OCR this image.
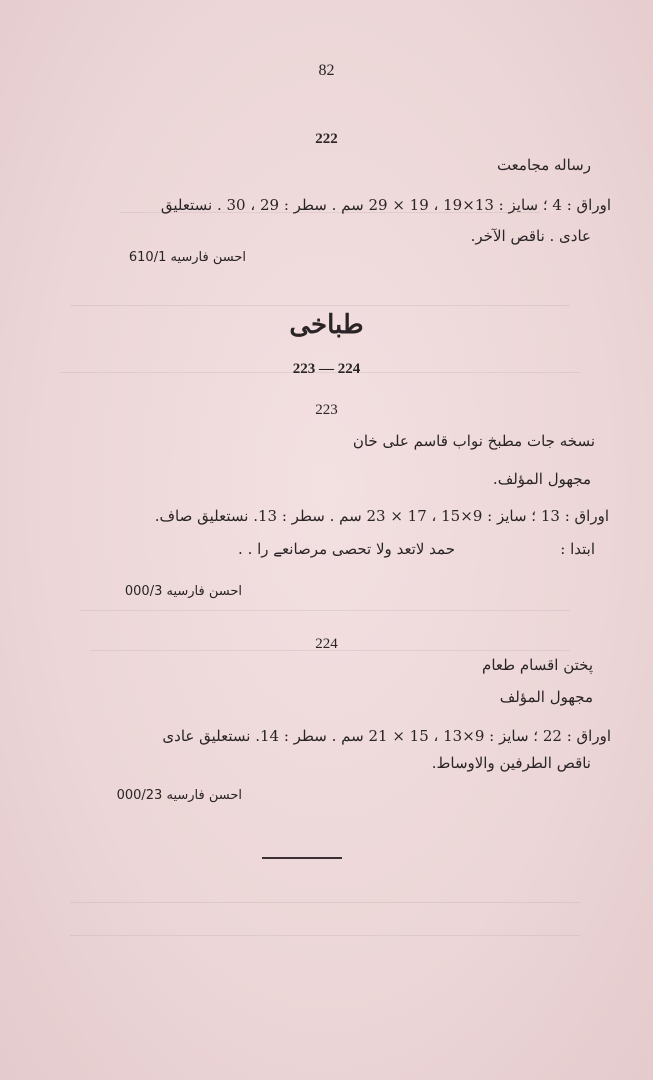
82
222
رساله مجامعت
اوراق : 4 ؛ سایز : 13×19 ، 19 × 29 سم . سطر : 29 ، 30 . نستعلیق
عادی . ناقص الآخر.
احسن فارسیه 610/1
طباخی
223 — 224
223
نسخه جات مطبخ نواب قاسم علی خان
مجهول المؤلف.
اوراق : 13 ؛ سایز : 9×15 ، 17 × 23 سم . سطر : 13. نستعلیق صاف.
ابتدا :
حمد لاتعد ولا تحصی مرصانعے را . .
احسن فارسیه 000/3
224
پختن اقسام طعام
مجهول المؤلف
اوراق : 22 ؛ سایز : 9×13 ، 15 × 21 سم . سطر : 14. نستعلیق عادی
ناقص الطرفین والاوساط.
احسن فارسیه 000/23
